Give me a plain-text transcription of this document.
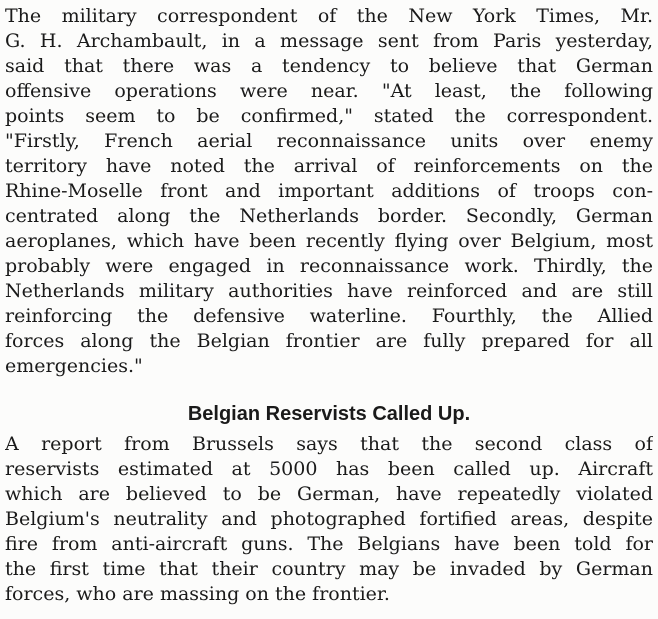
The military correspondent of the New York Times, Mr.
G. H. Archambault, in a message sent from Paris yesterday,
said that there was a tendency to believe that German
offensive operations were near. "At least, the following
points seem to be confirmed," stated the correspondent.
"Firstly, French aerial reconnaissance units over enemy
territory have noted the arrival of reinforcements on the
Rhine-Moselle front and important additions of troops con-
centrated along the Netherlands border. Secondly, German
aeroplanes, which have been recently flying over Belgium, most
probably were engaged in reconnaissance work. Thirdly, the
Netherlands military authorities have reinforced and are still
reinforcing the defensive waterline. Fourthly, the Allied
forces along the Belgian frontier are fully prepared for all
emergencies."

Belgian Reservists Called Up.

A report from Brussels says that the second class of
reservists estimated at 5000 has been called up. Aircraft
which are believed to be German, have repeatedly violated
Belgium's neutrality and photographed fortified areas, despite
fire from anti-aircraft guns. The Belgians have been told for
the first time that their country may be invaded by German
forces, who are massing on the frontier.
